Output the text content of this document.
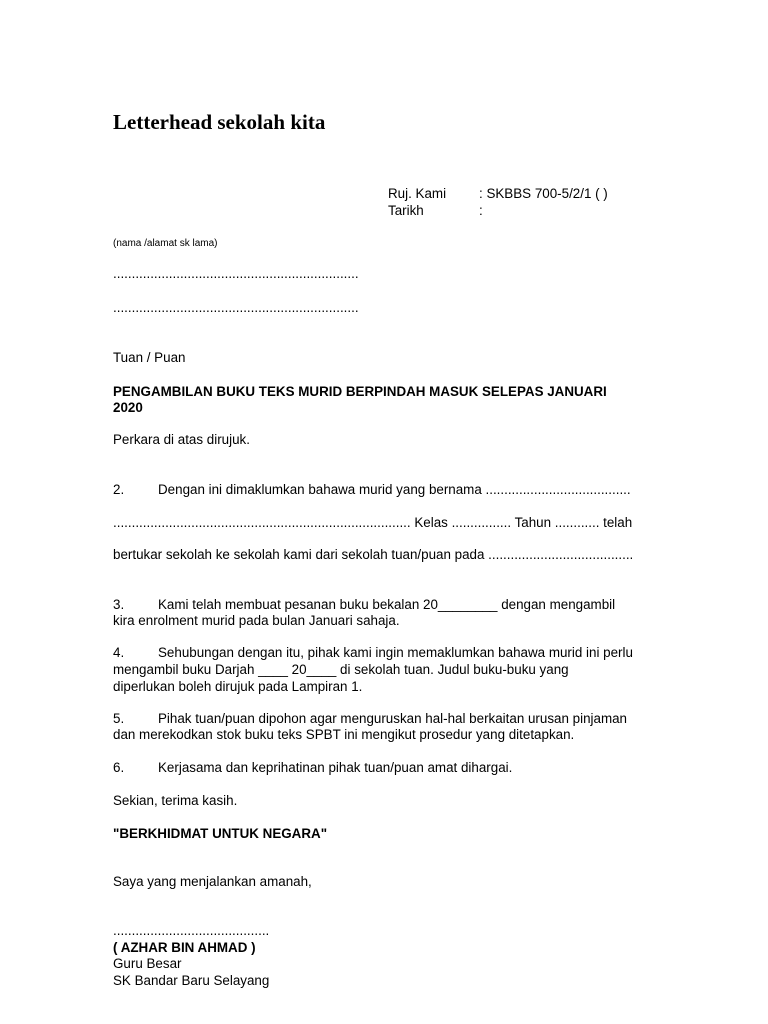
Letterhead sekolah kita
Ruj. Kami : SKBBS 700-5/2/1 ( )
Tarikh	:
(nama /alamat sk lama)
..................................................................
..................................................................
Tuan / Puan
PENGAMBILAN BUKU TEKS MURID BERPINDAH MASUK SELEPAS JANUARI
2020
Perkara di atas dirujuk.
2.	Dengan ini dimaklumkan bahawa murid yang bernama .......................................
................................................................................ Kelas ................ Tahun ............ telah
bertukar sekolah ke sekolah kami dari sekolah tuan/puan pada .......................................
3.	Kami telah membuat pesanan buku bekalan 20________ dengan mengambil
kira enrolment murid pada bulan Januari sahaja.
4.	Sehubungan dengan itu, pihak kami ingin memaklumkan bahawa murid ini perlu
mengambil buku Darjah ____ 20____ di sekolah tuan. Judul buku-buku yang
diperlukan boleh dirujuk pada Lampiran 1.
5.	Pihak tuan/puan dipohon agar menguruskan hal-hal berkaitan urusan pinjaman
dan merekodkan stok buku teks SPBT ini mengikut prosedur yang ditetapkan.
6.	Kerjasama dan keprihatinan pihak tuan/puan amat dihargai.
Sekian, terima kasih.
"BERKHIDMAT UNTUK NEGARA"
Saya yang menjalankan amanah,
..........................................
( AZHAR BIN AHMAD )
Guru Besar
SK Bandar Baru Selayang
